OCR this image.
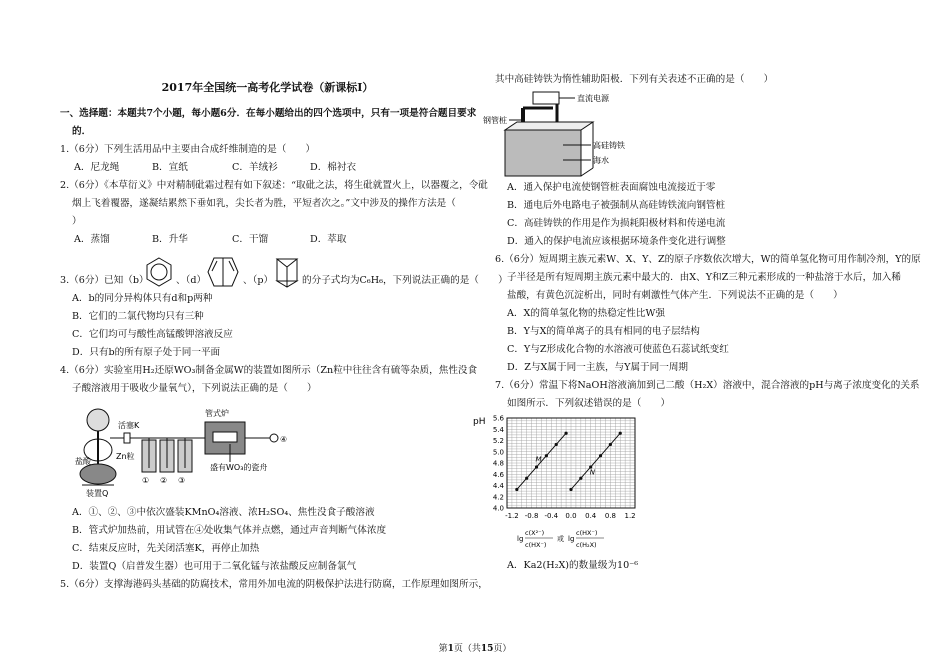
2017年全国统一高考化学试卷（新课标Ⅰ）
一、选择题：本题共7个小题，每小题6分．在每小题给出的四个选项中，只有一项是符合题目要求
的．
1.（6分）下列生活用品中主要由合成纤维制造的是（　　）
A．尼龙绳	B．宣纸	C．羊绒衫	D．棉衬衣
2.（6分）《本草衍义》中对精制砒霜过程有如下叙述：“取砒之法，将生砒就置火上，以器覆之，令砒
烟上飞着覆器，遂凝结累然下垂如乳，尖长者为胜，平短者次之。”文中涉及的操作方法是（
）
A．蒸馏	B．升华	C．干馏	D．萃取
3.（6分）已知（b）	、（d）	、（p）	的分子式均为C₆H₆，下列说法正确的是（　　）
A．b的同分异构体只有d和p两种
B．它们的二氯代物均只有三种
C．它们均可与酸性高锰酸钾溶液反应
D．只有b的所有原子处于同一平面
4.（6分）实验室用H₂还原WO₃制备金属W的装置如图所示（Zn粒中往往含有硫等杂质，焦性没食
子酸溶液用于吸收少量氧气），下列说法正确的是（　　）
盐酸
Zn粒
活塞K
管式炉
盛有WO₃的瓷舟
装置Q
① ② ③
④
A．①、②、③中依次盛装KMnO₄溶液、浓H₂SO₄、焦性没食子酸溶液
B．管式炉加热前，用试管在④处收集气体并点燃，通过声音判断气体浓度
C．结束反应时，先关闭活塞K，再停止加热
D．装置Q（启普发生器）也可用于二氧化锰与浓盐酸反应制备氯气
5.（6分）支撑海港码头基础的防腐技术，常用外加电流的阴极保护法进行防腐，工作原理如图所示，
其中高硅铸铁为惰性辅助阳极．下列有关表述不正确的是（　　）
直流电源
钢管桩
高硅铸铁
海水
A．通入保护电流使钢管桩表面腐蚀电流接近于零
B．通电后外电路电子被强制从高硅铸铁流向钢管桩
C．高硅铸铁的作用是作为损耗阳极材料和传递电流
D．通入的保护电流应该根据环境条件变化进行调整
6.（6分）短周期主族元素W、X、Y、Z的原子序数依次增大，W的简单氢化物可用作制冷剂，Y的原
子半径是所有短周期主族元素中最大的．由X、Y和Z三种元素形成的一种盐溶于水后，加入稀
盐酸，有黄色沉淀析出，同时有刺激性气体产生．下列说法不正确的是（　　）
A．X的简单氢化物的热稳定性比W强
B．Y与X的简单离子的具有相同的电子层结构
C．Y与Z形成化合物的水溶液可使蓝色石蕊试纸变红
D．Z与X属于同一主族，与Y属于同一周期
7.（6分）常温下将NaOH溶液滴加到己二酸（H₂X）溶液中，混合溶液的pH与离子浓度变化的关系
如图所示．下列叙述错误的是（　　）
4.0
4.2
4.4
4.6
4.8
5.0
5.2
5.4
5.6
-1.2 -0.8 -0.4 0.0 0.4 0.8 1.2
M
N
pH
lg
c(X²⁻)
c(HX⁻)
或 lg
c(HX⁻)
c(H₂X)
A．Ka2(H₂X)的数量级为10⁻⁶
第1页（共15页）
